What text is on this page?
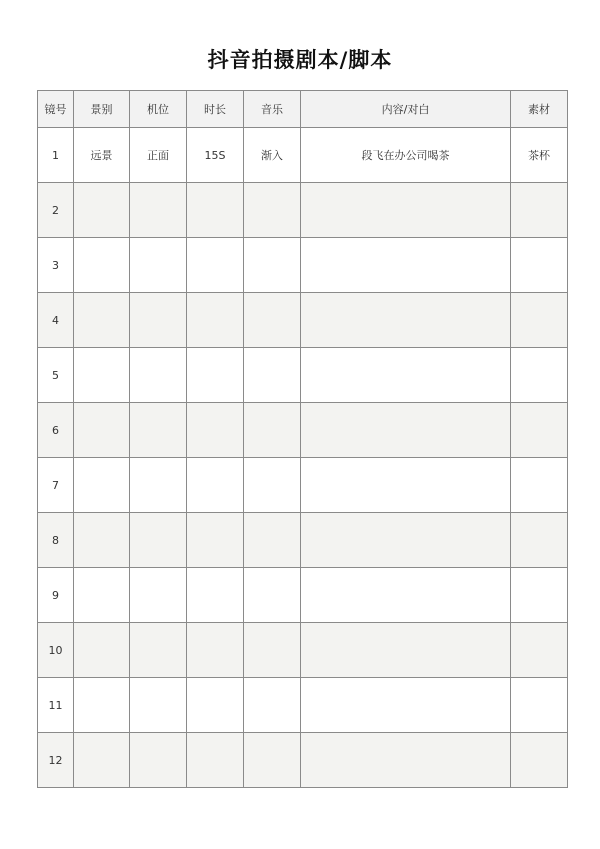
抖音拍摄剧本/脚本
镜号	景别	机位	时长	音乐	内容/对白	素材
1	远景	正面	15S	渐入	段飞在办公司喝茶	茶杯
2						
3						
4						
5						
6						
7						
8						
9						
10						
11						
12						
